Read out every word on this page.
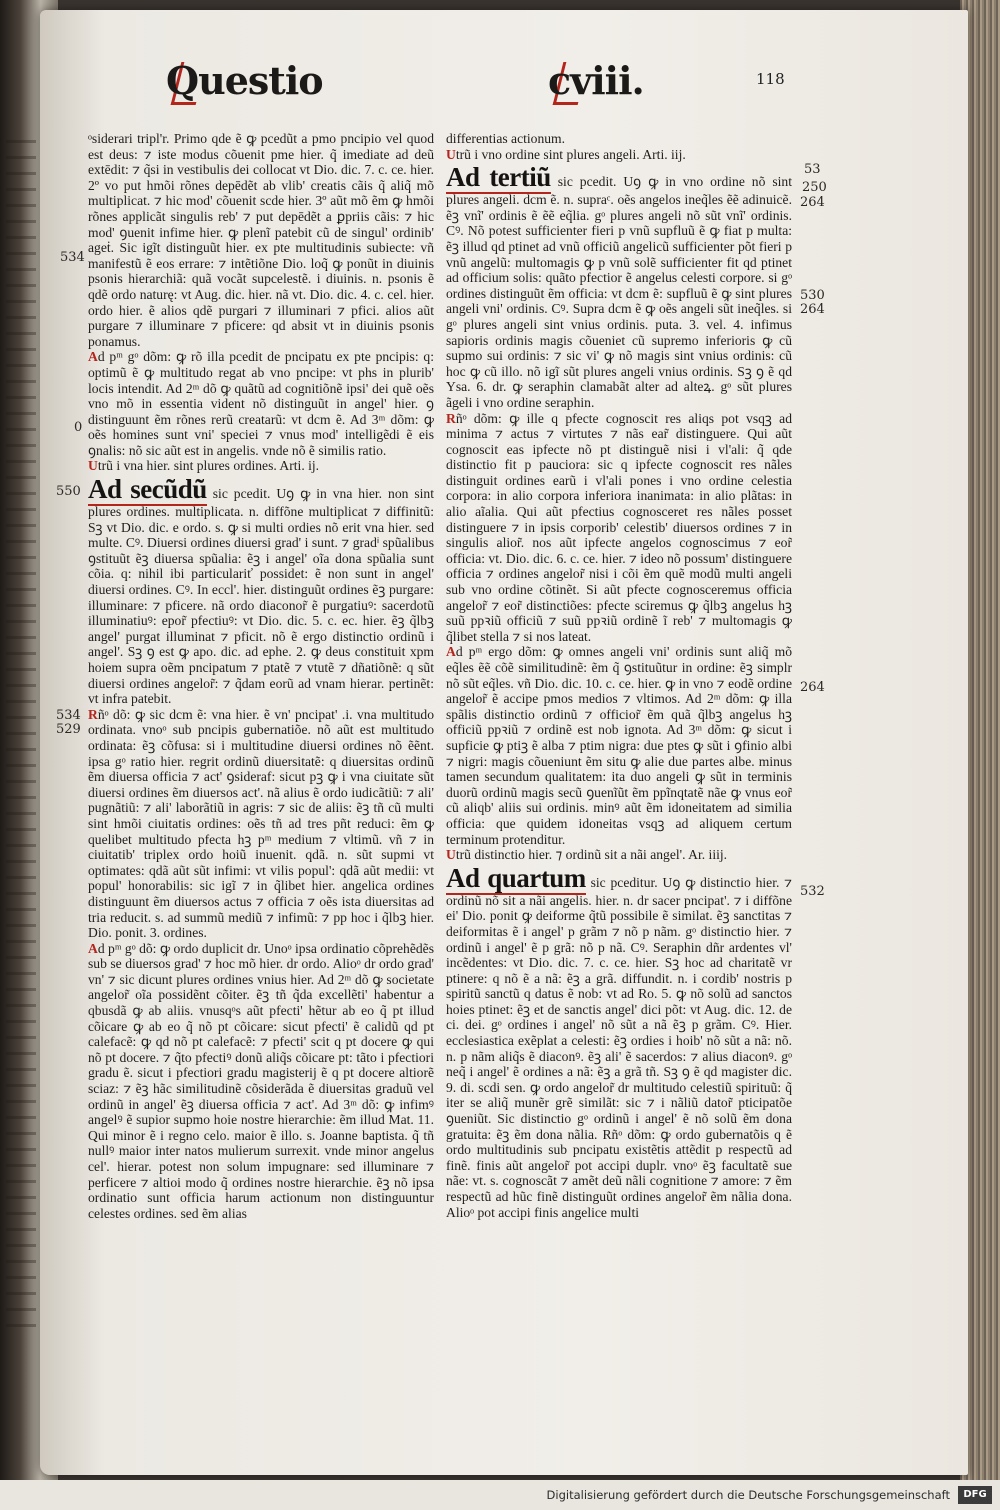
Questio	cviii.	118

ᵒsiderari tripl'r. Primo qde ẽ ꝙ pcedũt a pmo pncipio vel quod est deus: ⁊ iste modus cõuenit pme hier. q̃ imediate ad deũ extēdit: ⁊ q̃si in vestibulis dei collocat vt Dio. dic. 7. c. ce. hier. 2º vo put hmõi rõnes depēdẽt ab vlib' creatis cãis q̃ aliq̃ mõ multiplicat. ⁊ hic mod' cõuenit scde hier. 3º aũt mõ ẽm ꝙ hmõi rõnes applicãt singulis reb' ⁊ put depēdẽt a ꝑpriis cãis: ⁊ hic mod' ꝯuenit infime hier. ꝙ plenĩ patebit cũ de singul' ordinib' ageṫ. Sic igĩt distinguũt hier. ex pte multitudinis subiecte: vñ manifestũ ẽ eos errare: ⁊ intẽtiõne Dio. loq̃ ꝙ ponũt in diuinis psonis hierarchiã: quã vocãt supcelestẽ. i diuinis. n. psonis ẽ qdẽ ordo naturę: vt Aug. dic. hier. nã vt. Dio. dic. 4. c. cel. hier. ordo hier. ẽ alios qdẽ purgari ⁊ illuminari ⁊ pfici. alios aũt purgare ⁊ illuminare ⁊ pficere: qd absit vt in diuinis psonis ponamus.

Ad pᵐ gᵒ dõm: ꝙ rõ illa pcedit de pncipatu ex pte pncipis: q: optimũ ẽ ꝙ multitudo regat ab vno pncipe: vt phs in plurib' locis intendit. Ad 2ᵐ dõ ꝙ quãtũ ad cognitiõnẽ ipsi' dei quẽ oẽs vno mõ in essentia vident nõ distinguũt in angel' hier. ꝯ distinguunt ẽm rõnes rerũ creatarũ: vt dcm ẽ. Ad 3ᵐ dõm: ꝙ oẽs homines sunt vni' speciei ⁊ vnus mod' intelligẽdi ẽ eis ꝯnalis: nõ sic aũt est in angelis. vnde nõ ẽ similis ratio.

Utrũ i vna hier. sint plures ordines. Arti. ij.

Ad secũdũ sic pcedit. Uꝯ ꝙ in vna hier. non sint plures ordines. multiplicata. n. diffõne multiplicat ⁊ diffinitũ: Sꝫ vt Dio. dic. e ordo. s. ꝙ si multi ordies nõ erit vna hier. sed multe. Cꝰ. Diuersi ordines diuersi grad' i sunt. ⁊ gradⁱ spũalibus ꝯstituũt ẽꝫ diuersa spũalia: ẽꝫ i angel' oĩa dona spũalia sunt cõia. q: nihil ibi particulariť possidet: ẽ non sunt in angel' diuersi ordines. Cꝰ. In eccl'. hier. distinguũt ordines ẽꝫ purgare: illuminare: ⁊ pficere. nã ordo diaconor̃ ẽ purgatiuꝰ: sacerdotũ illuminatiuꝰ: epor̃ pfectiuꝰ: vt Dio. dic. 5. c. ec. hier. ẽꝫ q̃lbꝫ angel' purgat illuminat ⁊ pficit. nõ ẽ ergo distinctio ordinũ i angel'. Sꝫ ꝯ est ꝙ apo. dic. ad ephe. 2. ꝙ deus constituit xpm hoiem supra oẽm pncipatum ⁊ ptatẽ ⁊ vtutẽ ⁊ dñatiõnẽ: q sũt diuersi ordines angelor̃: ⁊ q̃dam eorũ ad vnam hierar. pertinẽt: vt infra patebit.

Rñᵒ dõ: ꝙ sic dcm ẽ: vna hier. ẽ vn' pncipat' .i. vna multitudo ordinata. vnoᵒ sub pncipis gubernatiõe. nõ aũt est multitudo ordinata: ẽꝫ cõfusa: si i multitudine diuersi ordines nõ ẽẽnt. ipsa gᵒ ratio hier. regrit ordinũ diuersitatẽ: q diuersitas ordinũ ẽm diuersa officia ⁊ act' ꝯsideraf: sicut pꝫ ꝙ i vna ciuitate sũt diuersi ordines ẽm diuersos act'. nã alius ẽ ordo iudicãtiũ: ⁊ ali' pugnãtiũ: ⁊ ali' laborãtiũ in agris: ⁊ sic de aliis: ẽꝫ tñ cũ multi sint hmõi ciuitatis ordines: oẽs tñ ad tres pñt reduci: ẽm ꝙ quelibet multitudo pfecta hꝫ pᵐ medium ⁊ vltimũ. vñ ⁊ in ciuitatib' triplex ordo hoiũ inuenit. qdã. n. sũt supmi vt optimates: qdã aũt sũt infimi: vt vilis popul': qdã aũt medii: vt popul' honorabilis: sic igĩ ⁊ in q̃libet hier. angelica ordines distinguunt ẽm diuersos actus ⁊ officia ⁊ oẽs ista diuersitas ad tria reducit. s. ad summũ mediũ ⁊ infimũ: ⁊ pp hoc i q̃lbꝫ hier. Dio. ponit. 3. ordines.

Ad pᵐ gᵒ dõ: ꝙ ordo duplicit dr. Unoᵒ ipsa ordinatio cõprehẽdẽs sub se diuersos grad' ⁊ hoc mõ hier. dr ordo. Alioᵒ dr ordo grad' vn' ⁊ sic dicunt plures ordines vnius hier. Ad 2ᵐ dõ ꝙ societate angelor̃ oĩa possidẽnt cõiter. ẽꝫ tñ q̃da excellẽti' habentur a qbusdã ꝙ ab aliis. vnusqᵒs aũt pfecti' hẽtur ab eo q̃ pt illud cõicare ꝙ ab eo q̃ nõ pt cõicare: sicut pfecti' ẽ calidũ qd pt calefacẽ: ꝙ qd nõ pt calefacẽ: ⁊ pfecti' scit q pt docere ꝙ qui nõ pt docere. ⁊ q̃to pfectiꝰ donũ aliq̃s cõicare pt: tãto i pfectiori gradu ẽ. sicut i pfectiori gradu magisterij ẽ q pt docere altiorẽ sciaz: ⁊ ẽꝫ hãc similitudinẽ cõsiderãda ẽ diuersitas graduũ vel ordinũ in angel' ẽꝫ diuersa officia ⁊ act'. Ad 3ᵐ dõ: ꝙ infimꝰ angelꝰ ẽ supior supmo hoie nostre hierarchie: ẽm illud Mat. 11. Qui minor ẽ i regno celo. maior ẽ illo. s. Joanne baptista. q̃ tñ nullꝰ maior inter natos mulierum surrexit. vnde minor angelus cel'. hierar. potest non solum impugnare: sed illuminare ⁊ perficere ⁊ altioi modo q̃ ordines nostre hierarchie. ẽꝫ nõ ipsa ordinatio sunt officia harum actionum non distinguuntur celestes ordines. sed ẽm alias

differentias actionum.

Utrũ i vno ordine sint plures angeli. Arti. iij.

Ad tertiũ sic pcedit. Uꝯ ꝙ in vno ordine nõ sint plures angeli. dcm ẽ. n. supraᶜ. oẽs angelos ineq̃les ẽẽ adinuicẽ. ẽꝫ vnĩ' ordinis ẽ ẽẽ eq̃lia. gᵒ plures angeli nõ sũt vnĩ' ordinis. Cꝰ. Nõ potest sufficienter fieri p vnũ supfluũ ẽ ꝙ fiat p multa: ẽꝫ illud qd ptinet ad vnũ officiũ angelicũ sufficienter põt fieri p vnũ angelũ: multomagis ꝙ p vnũ solẽ sufficienter fit qd ptinet ad officium solis: quãto pfectior ẽ angelus celesti corpore. si gᵒ ordines distinguũt ẽm officia: vt dcm ẽ: supfluũ ẽ ꝙ sint plures angeli vni' ordinis. Cꝰ. Supra dcm ẽ ꝙ oẽs angeli sũt ineq̃les. si gᵒ plures angeli sint vnius ordinis. puta. 3. vel. 4. infimus sapioris ordinis magis cõueniet cũ supremo inferioris ꝙ cũ supmo sui ordinis: ⁊ sic vi' ꝙ nõ magis sint vnius ordinis: cũ hoc ꝙ cũ illo. nõ igĩ sũt plures angeli vnius ordinis. Sꝫ ꝯ ẽ qd Ysa. 6. dr. ꝙ seraphin clamabãt alter ad alteꝝ. gᵒ sũt plures ãgeli i vno ordine seraphin.

Rñᵒ dõm: ꝙ ille q pfecte cognoscit res aliqs pot vsqꝫ ad minima ⁊ actus ⁊ virtutes ⁊ nãs ear̃ distinguere. Qui aũt cognoscit eas ipfecte nõ pt distinguẽ nisi i vl'ali: q̃ qde distinctio fit p pauciora: sic q ipfecte cognoscit res nãles distinguit ordines earũ i vl'ali pones i vno ordine celestia corpora: in alio corpora inferiora inanimata: in alio plãtas: in alio aĩalia. Qui aũt pfectius cognosceret res nãles posset distinguere ⁊ in ipsis corporib' celestib' diuersos ordines ⁊ in singulis alior̃. nos aũt ipfecte angelos cognoscimus ⁊ eor̃ officia: vt. Dio. dic. 6. c. ce. hier. ⁊ ideo nõ possum' distinguere officia ⁊ ordines angelor̃ nisi i cõi ẽm quẽ modũ multi angeli sub vno ordine cõtinẽt. Si aũt pfecte cognosceremus officia angelor̃ ⁊ eor̃ distinctiões: pfecte sciremus ꝙ q̃lbꝫ angelus hꝫ suũ ppꝛiũ officiũ ⁊ suũ ppꝛiũ ordinẽ ĩ reb' ⁊ multomagis ꝙ q̃libet stella ⁊ si nos lateat.

Ad pᵐ ergo dõm: ꝙ omnes angeli vni' ordinis sunt aliq̃ mõ eq̃les ẽẽ cõẽ similitudinẽ: ẽm q̃ ꝯstituũtur in ordine: ẽꝫ simplr nõ sũt eq̃les. vñ Dio. dic. 10. c. ce. hier. ꝙ in vno ⁊ eodẽ ordine angelor̃ ẽ accipe pmos medios ⁊ vltimos. Ad 2ᵐ dõm: ꝙ illa spãlis distinctio ordinũ ⁊ officior̃ ẽm quã q̃lbꝫ angelus hꝫ officiũ ppꝛiũ ⁊ ordinẽ est nob ignota. Ad 3ᵐ dõm: ꝙ sicut i supficie ꝙ ptiꝫ ẽ alba ⁊ ptim nigra: due ptes ꝙ sũt i ꝯfinio albi ⁊ nigri: magis cõueniunt ẽm situ ꝙ alie due partes albe. minus tamen secundum qualitatem: ita duo angeli ꝙ sũt in terminis duorũ ordinũ magis secũ ꝯuenĩũt ẽm ppĩnqtatẽ nãe ꝙ vnus eor̃ cũ aliqb' aliis sui ordinis. minꝰ aũt ẽm idoneitatem ad similia officia: que quidem idoneitas vsqꝫ ad aliquem certum terminum protenditur.

Utrũ distinctio hier. ⁊ ordinũ sit a nãi angel'. Ar. iiij.

Ad quartum sic pceditur. Uꝯ ꝙ distinctio hier. ⁊ ordinũ nõ sit a nãi angelis. hier. n. dr sacer pncipat'. ⁊ i diffõne ei' Dio. ponit ꝙ deiforme q̃tũ possibile ẽ similat. ẽꝫ sanctitas ⁊ deiformitas ẽ i angel' p grãm ⁊ nõ p nãm. gᵒ distinctio hier. ⁊ ordinũ i angel' ẽ p grã: nõ p nã. Cꝰ. Seraphin dñr ardentes vl' incẽdentes: vt Dio. dic. 7. c. ce. hier. Sꝫ hoc ad charitatẽ vr ptinere: q nõ ẽ a nã: ẽꝫ a grã. diffundit. n. i cordib' nostris p spiritũ sanctũ q datus ẽ nob: vt ad Ro. 5. ꝙ nõ solũ ad sanctos hoies ptinet: ẽꝫ et de sanctis angel' dici põt: vt Aug. dic. 12. de ci. dei. gᵒ ordines i angel' nõ sũt a nã ẽꝫ p grãm. Cꝰ. Hier. ecclesiastica exẽplat a celesti: ẽꝫ ordies i hoib' nõ sũt a nã: nõ. n. p nãm aliq̃s ẽ diaconꝰ. ẽꝫ ali' ẽ sacerdos: ⁊ alius diaconꝰ. gᵒ neq̃ i angel' ẽ ordines a nã: ẽꝫ a grã tñ. Sꝫ ꝯ ẽ qd magister dic. 9. di. scdi sen. ꝙ ordo angelor̃ dr multitudo celestiũ spirituũ: q̃ iter se aliq̃ munẽr grẽ similãt: sic ⁊ i nãliũ dator̃ pticipatõe ꝯueniũt. Sic distinctio gᵒ ordinũ i angel' ẽ nõ solũ ẽm dona gratuita: ẽꝫ ẽm dona nãlia. Rñᵒ dõm: ꝙ ordo gubernatõis q ẽ ordo multitudinis sub pncipatu existẽtis attẽdit p respectũ ad finẽ. finis aũt angelor̃ pot accipi duplr. vnoᵒ ẽꝫ facultatẽ sue nãe: vt. s. cognoscãt ⁊ amẽt deũ nãli cognitione ⁊ amore: ⁊ ẽm respectũ ad hũc finẽ distinguũt ordines angelor̃ ẽm nãlia dona. Alioᵒ pot accipi finis angelice multi

534
0
550
534
529
53
250
264
530
264
264
532
Digitalisierung gefördert durch die Deutsche Forschungsgemeinschaft	DFG
